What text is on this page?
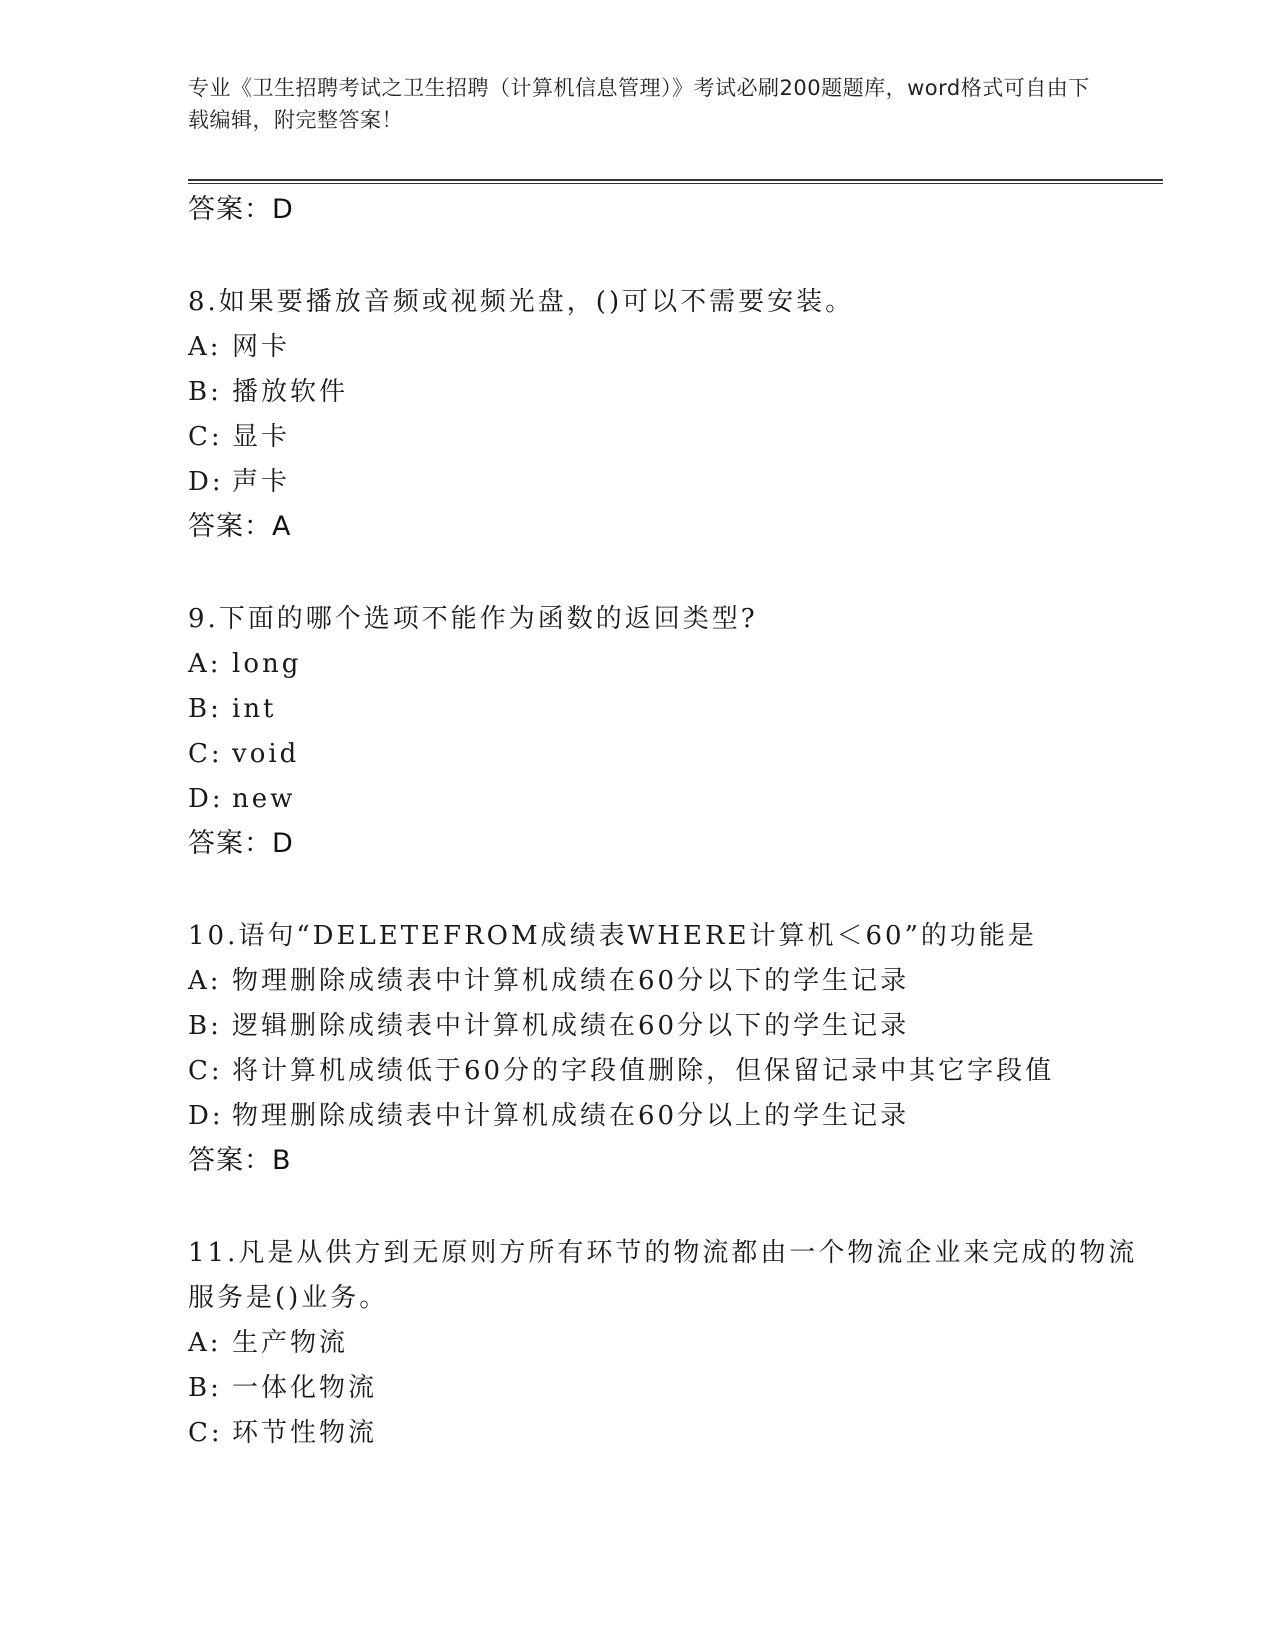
专业《卫生招聘考试之卫生招聘（计算机信息管理）》考试必刷200题题库，word格式可自由下载编辑，附完整答案！
答案：D
8.如果要播放音频或视频光盘，()可以不需要安装。
A: 网卡
B: 播放软件
C: 显卡
D: 声卡
答案：A
9.下面的哪个选项不能作为函数的返回类型?
A: long
B: int
C: void
D: new
答案：D
10.语句“DELETEFROM成绩表WHERE计算机＜60”的功能是
A: 物理删除成绩表中计算机成绩在60分以下的学生记录
B: 逻辑删除成绩表中计算机成绩在60分以下的学生记录
C: 将计算机成绩低于60分的字段值删除，但保留记录中其它字段值
D: 物理删除成绩表中计算机成绩在60分以上的学生记录
答案：B
11.凡是从供方到无原则方所有环节的物流都由一个物流企业来完成的物流服务是()业务。
A: 生产物流
B: 一体化物流
C: 环节性物流
